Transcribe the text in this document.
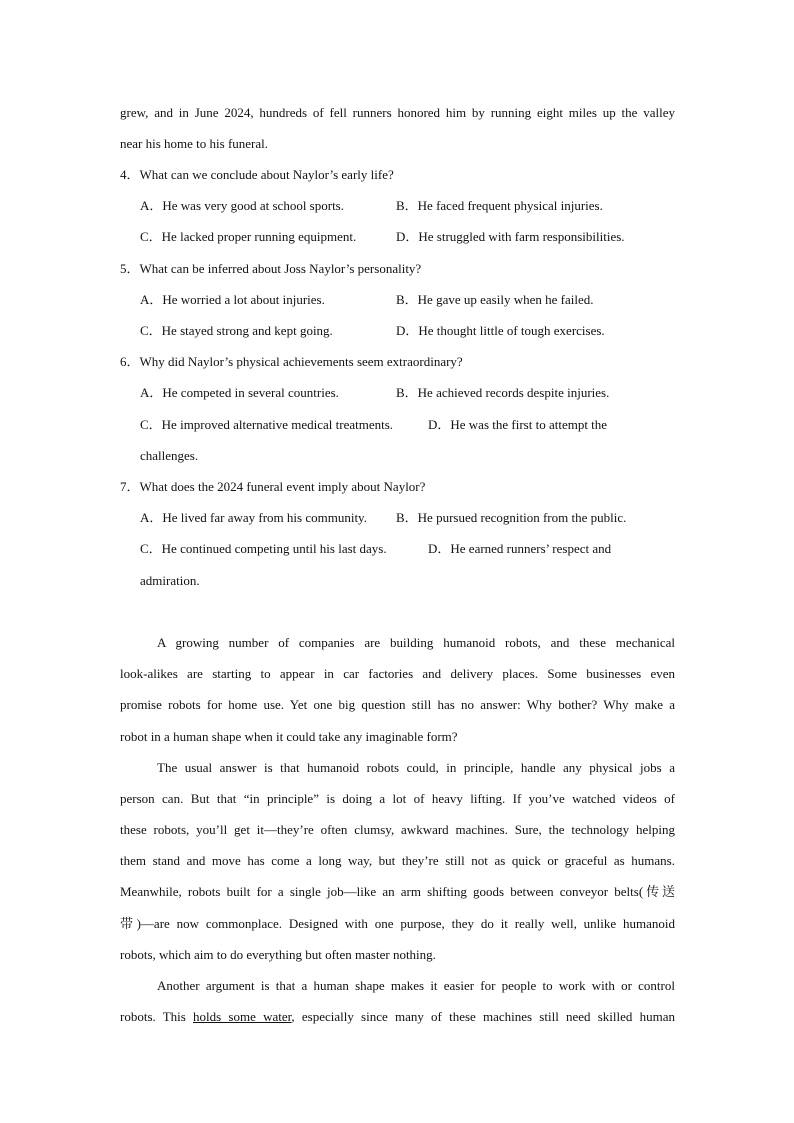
grew, and in June 2024, hundreds of fell runners honored him by running eight miles up the valley
near his home to his funeral.
4．What can we conclude about Naylor’s early life?
A．He was very good at school sports.	B．He faced frequent physical injuries.
C．He lacked proper running equipment.	D．He struggled with farm responsibilities.
5．What can be inferred about Joss Naylor’s personality?
A．He worried a lot about injuries.	B．He gave up easily when he failed.
C．He stayed strong and kept going.	D．He thought little of tough exercises.
6．Why did Naylor’s physical achievements seem extraordinary?
A．He competed in several countries.	B．He achieved records despite injuries.
C．He improved alternative medical treatments.	D．He was the first to attempt the
challenges.
7．What does the 2024 funeral event imply about Naylor?
A．He lived far away from his community. B．He pursued recognition from the public.
C．He continued competing until his last days.	D．He earned runners’ respect and
admiration.
A growing number of companies are building humanoid robots, and these mechanical
look-alikes are starting to appear in car factories and delivery places. Some businesses even
promise robots for home use. Yet one big question still has no answer: Why bother? Why make a
robot in a human shape when it could take any imaginable form?
The usual answer is that humanoid robots could, in principle, handle any physical jobs a
person can. But that “in principle” is doing a lot of heavy lifting. If you’ve watched videos of
these robots, you’ll get it—they’re often clumsy, awkward machines. Sure, the technology helping
them stand and move has come a long way, but they’re still not as quick or graceful as humans.
Meanwhile, robots built for a single job—like an arm shifting goods between conveyor belts(传送
带)—are now commonplace. Designed with one purpose, they do it really well, unlike humanoid
robots, which aim to do everything but often master nothing.
Another argument is that a human shape makes it easier for people to work with or control
robots. This holds some water, especially since many of these machines still need skilled human
